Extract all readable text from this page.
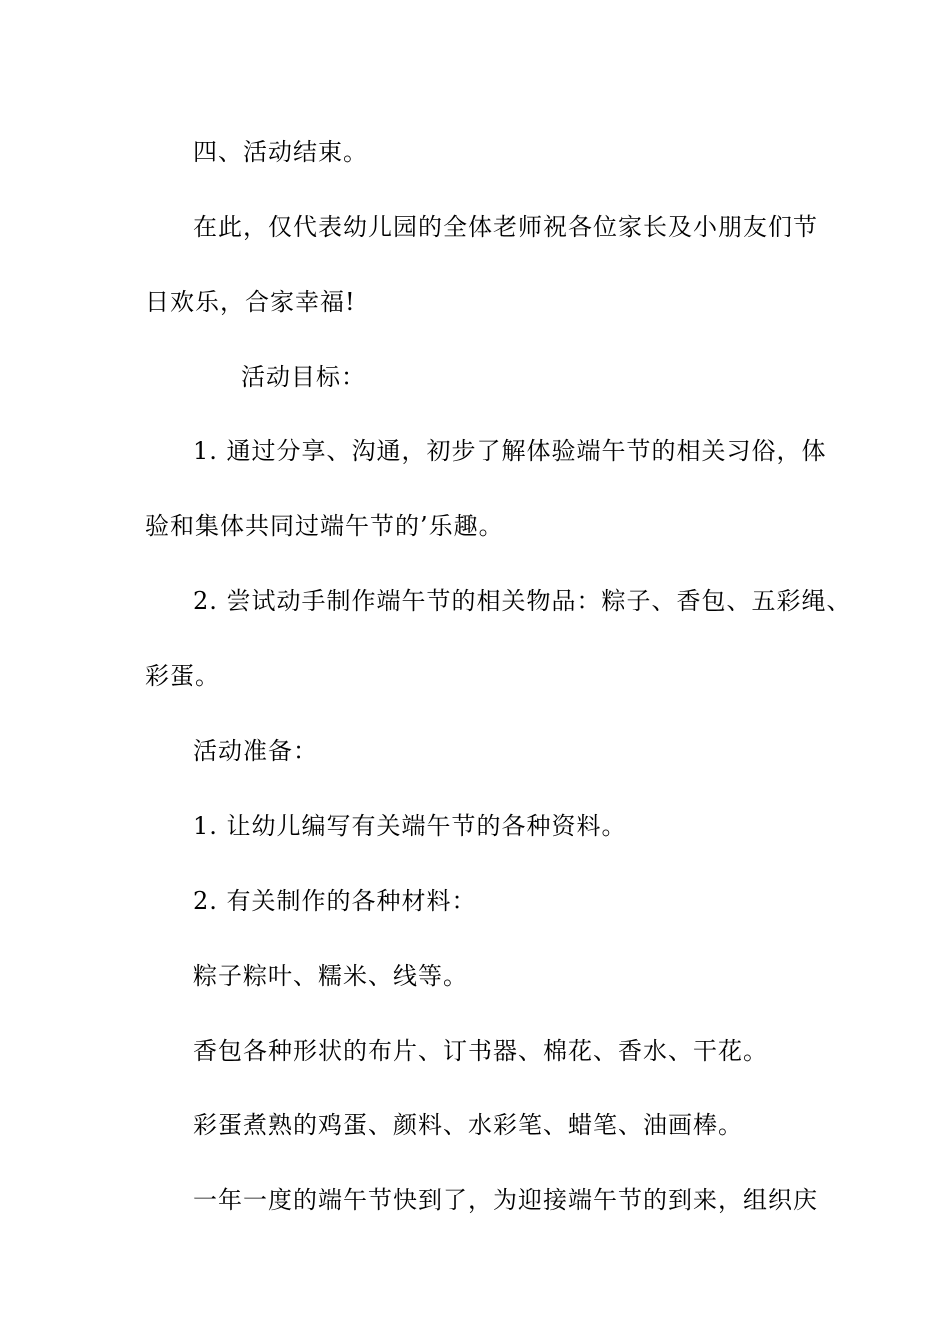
四、活动结束。
在此，仅代表幼儿园的全体老师祝各位家长及小朋友们节
日欢乐，合家幸福!
活动目标：
1. 通过分享、沟通，初步了解体验端午节的相关习俗，体
验和集体共同过端午节的’乐趣。
2. 尝试动手制作端午节的相关物品：粽子、香包、五彩绳、
彩蛋。
活动准备：
1. 让幼儿编写有关端午节的各种资料。
2. 有关制作的各种材料：
粽子粽叶、糯米、线等。
香包各种形状的布片、订书器、棉花、香水、干花。
彩蛋煮熟的鸡蛋、颜料、水彩笔、蜡笔、油画棒。
一年一度的端午节快到了，为迎接端午节的到来，组织庆
